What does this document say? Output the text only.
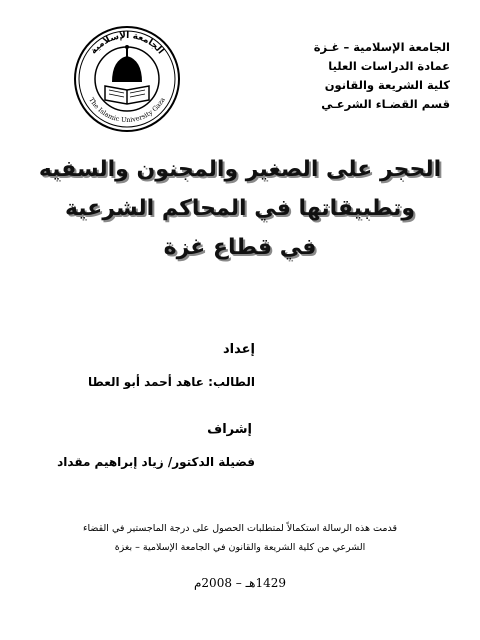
الجامعة الإسلامية – غـزة
عمادة الدراسات العليا
كلية الشريعة والقانون
قسم القضـاء الشرعـي
الجامعة الإسلامية
The Islamic University Gaza
الحجر على الصغير والمجنون والسفيه
وتطبيقاتها في المحاكم الشرعية
في قطاع غزة
إعداد
الطالب: عاهد أحمد أبو العطا
إشراف
فضيلة الدكتور/ زياد إبراهيم مقداد
قدمت هذه الرسالة استكمالاً لمتطلبات الحصول على درجة الماجستير في القضاء
الشرعي من كلية الشريعة والقانون في الجامعة الإسلامية – بغزة
1429هـ – 2008م
